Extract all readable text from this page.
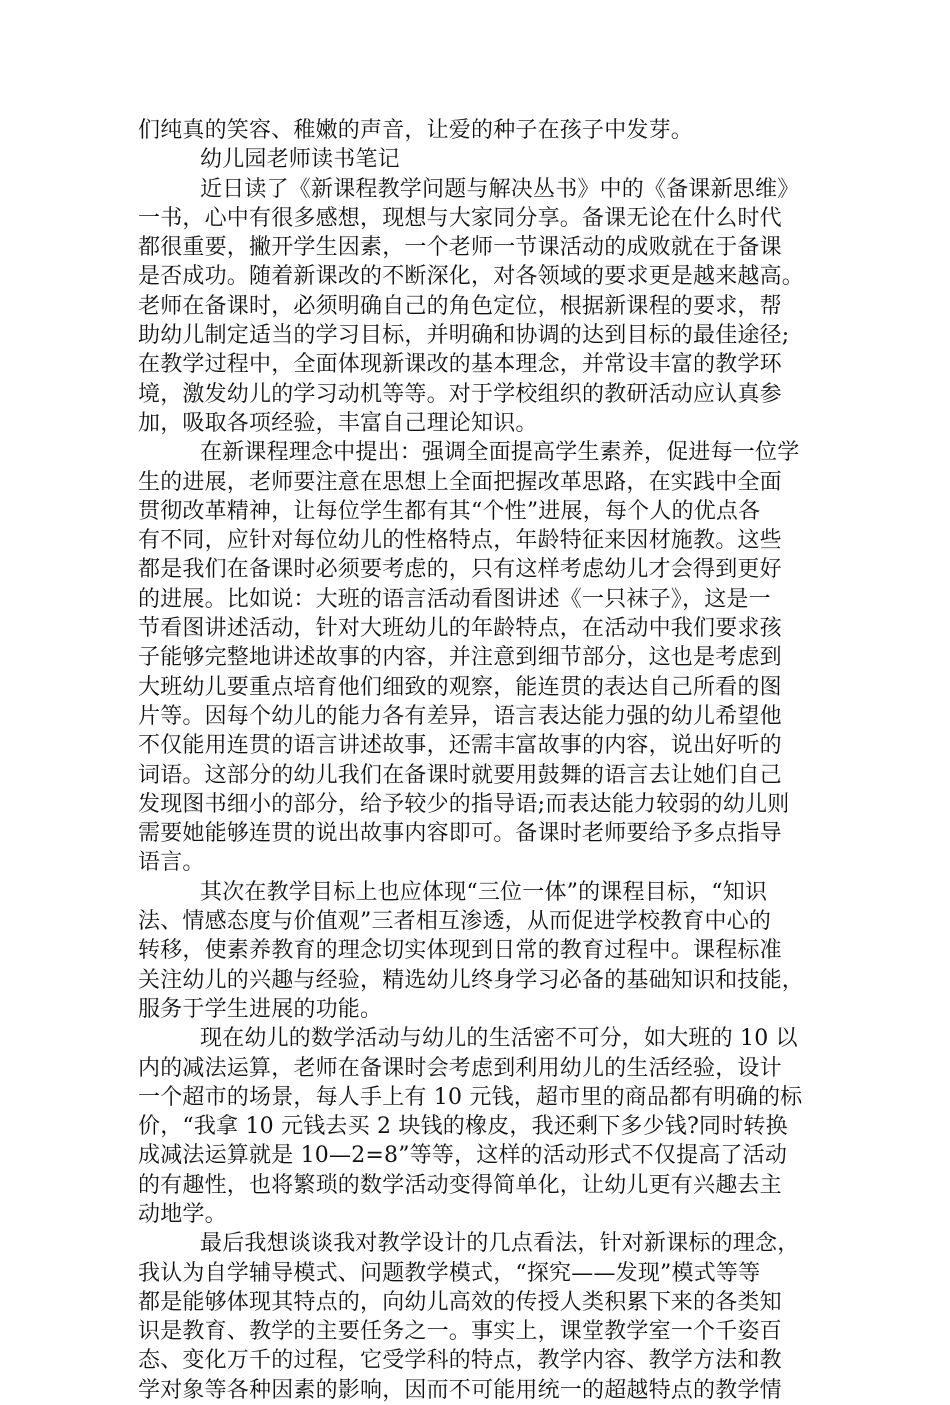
们纯真的笑容、稚嫩的声音，让爱的种子在孩子中发芽。
幼儿园老师读书笔记
近日读了《新课程教学问题与解决丛书》中的《备课新思维》
一书，心中有很多感想，现想与大家同分享。备课无论在什么时代
都很重要，撇开学生因素，一个老师一节课活动的成败就在于备课
是否成功。随着新课改的不断深化，对各领域的要求更是越来越高。
老师在备课时，必须明确自己的角色定位，根据新课程的要求，帮
助幼儿制定适当的学习目标，并明确和协调的达到目标的最佳途径;
在教学过程中，全面体现新课改的基本理念，并常设丰富的教学环
境，激发幼儿的学习动机等等。对于学校组织的教研活动应认真参
加，吸取各项经验，丰富自己理论知识。
在新课程理念中提出：强调全面提高学生素养，促进每一位学
生的进展，老师要注意在思想上全面把握改革思路，在实践中全面
贯彻改革精神，让每位学生都有其“个性”进展，每个人的优点各
有不同，应针对每位幼儿的性格特点，年龄特征来因材施教。这些
都是我们在备课时必须要考虑的，只有这样考虑幼儿才会得到更好
的进展。比如说：大班的语言活动看图讲述《一只袜子》，这是一
节看图讲述活动，针对大班幼儿的年龄特点，在活动中我们要求孩
子能够完整地讲述故事的内容，并注意到细节部分，这也是考虑到
大班幼儿要重点培育他们细致的观察，能连贯的表达自己所看的图
片等。因每个幼儿的能力各有差异，语言表达能力强的幼儿希望他
不仅能用连贯的语言讲述故事，还需丰富故事的内容，说出好听的
词语。这部分的幼儿我们在备课时就要用鼓舞的语言去让她们自己
发现图书细小的部分，给予较少的指导语;而表达能力较弱的幼儿则
需要她能够连贯的说出故事内容即可。备课时老师要给予多点指导
语言。
其次在教学目标上也应体现“三位一体”的课程目标，“知识
法、情感态度与价值观”三者相互渗透，从而促进学校教育中心的
转移，使素养教育的理念切实体现到日常的教育过程中。课程标准
关注幼儿的兴趣与经验，精选幼儿终身学习必备的基础知识和技能，
服务于学生进展的功能。
现在幼儿的数学活动与幼儿的生活密不可分，如大班的 10 以
内的减法运算，老师在备课时会考虑到利用幼儿的生活经验，设计
一个超市的场景，每人手上有 10 元钱，超市里的商品都有明确的标
价，“我拿 10 元钱去买 2 块钱的橡皮，我还剩下多少钱?同时转换
成减法运算就是 10—2=8”等等，这样的活动形式不仅提高了活动
的有趣性，也将繁琐的数学活动变得简单化，让幼儿更有兴趣去主
动地学。
最后我想谈谈我对教学设计的几点看法，针对新课标的理念，
我认为自学辅导模式、问题教学模式，“探究——发现”模式等等
都是能够体现其特点的，向幼儿高效的传授人类积累下来的各类知
识是教育、教学的主要任务之一。事实上，课堂教学室一个千姿百
态、变化万千的过程，它受学科的特点，教学内容、教学方法和教
学对象等各种因素的影响，因而不可能用统一的超越特点的教学情
